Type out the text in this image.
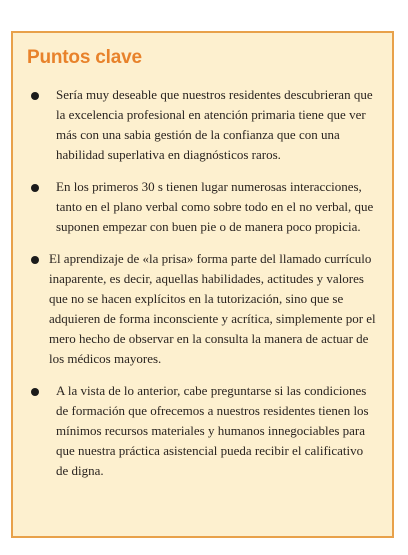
Puntos clave
Sería muy deseable que nuestros residentes descubrieran que la excelencia profesional en atención primaria tiene que ver más con una sabia gestión de la confianza que con una habilidad superlativa en diagnósticos raros.
En los primeros 30 s tienen lugar numerosas interacciones, tanto en el plano verbal como sobre todo en el no verbal, que suponen empezar con buen pie o de manera poco propicia.
El aprendizaje de «la prisa» forma parte del llamado currículo inaparente, es decir, aquellas habilidades, actitudes y valores que no se hacen explícitos en la tutorización, sino que se adquieren de forma inconsciente y acrítica, simplemente por el mero hecho de observar en la consulta la manera de actuar de los médicos mayores.
A la vista de lo anterior, cabe preguntarse si las condiciones de formación que ofrecemos a nuestros residentes tienen los mínimos recursos materiales y humanos innegociables para que nuestra práctica asistencial pueda recibir el calificativo de digna.
